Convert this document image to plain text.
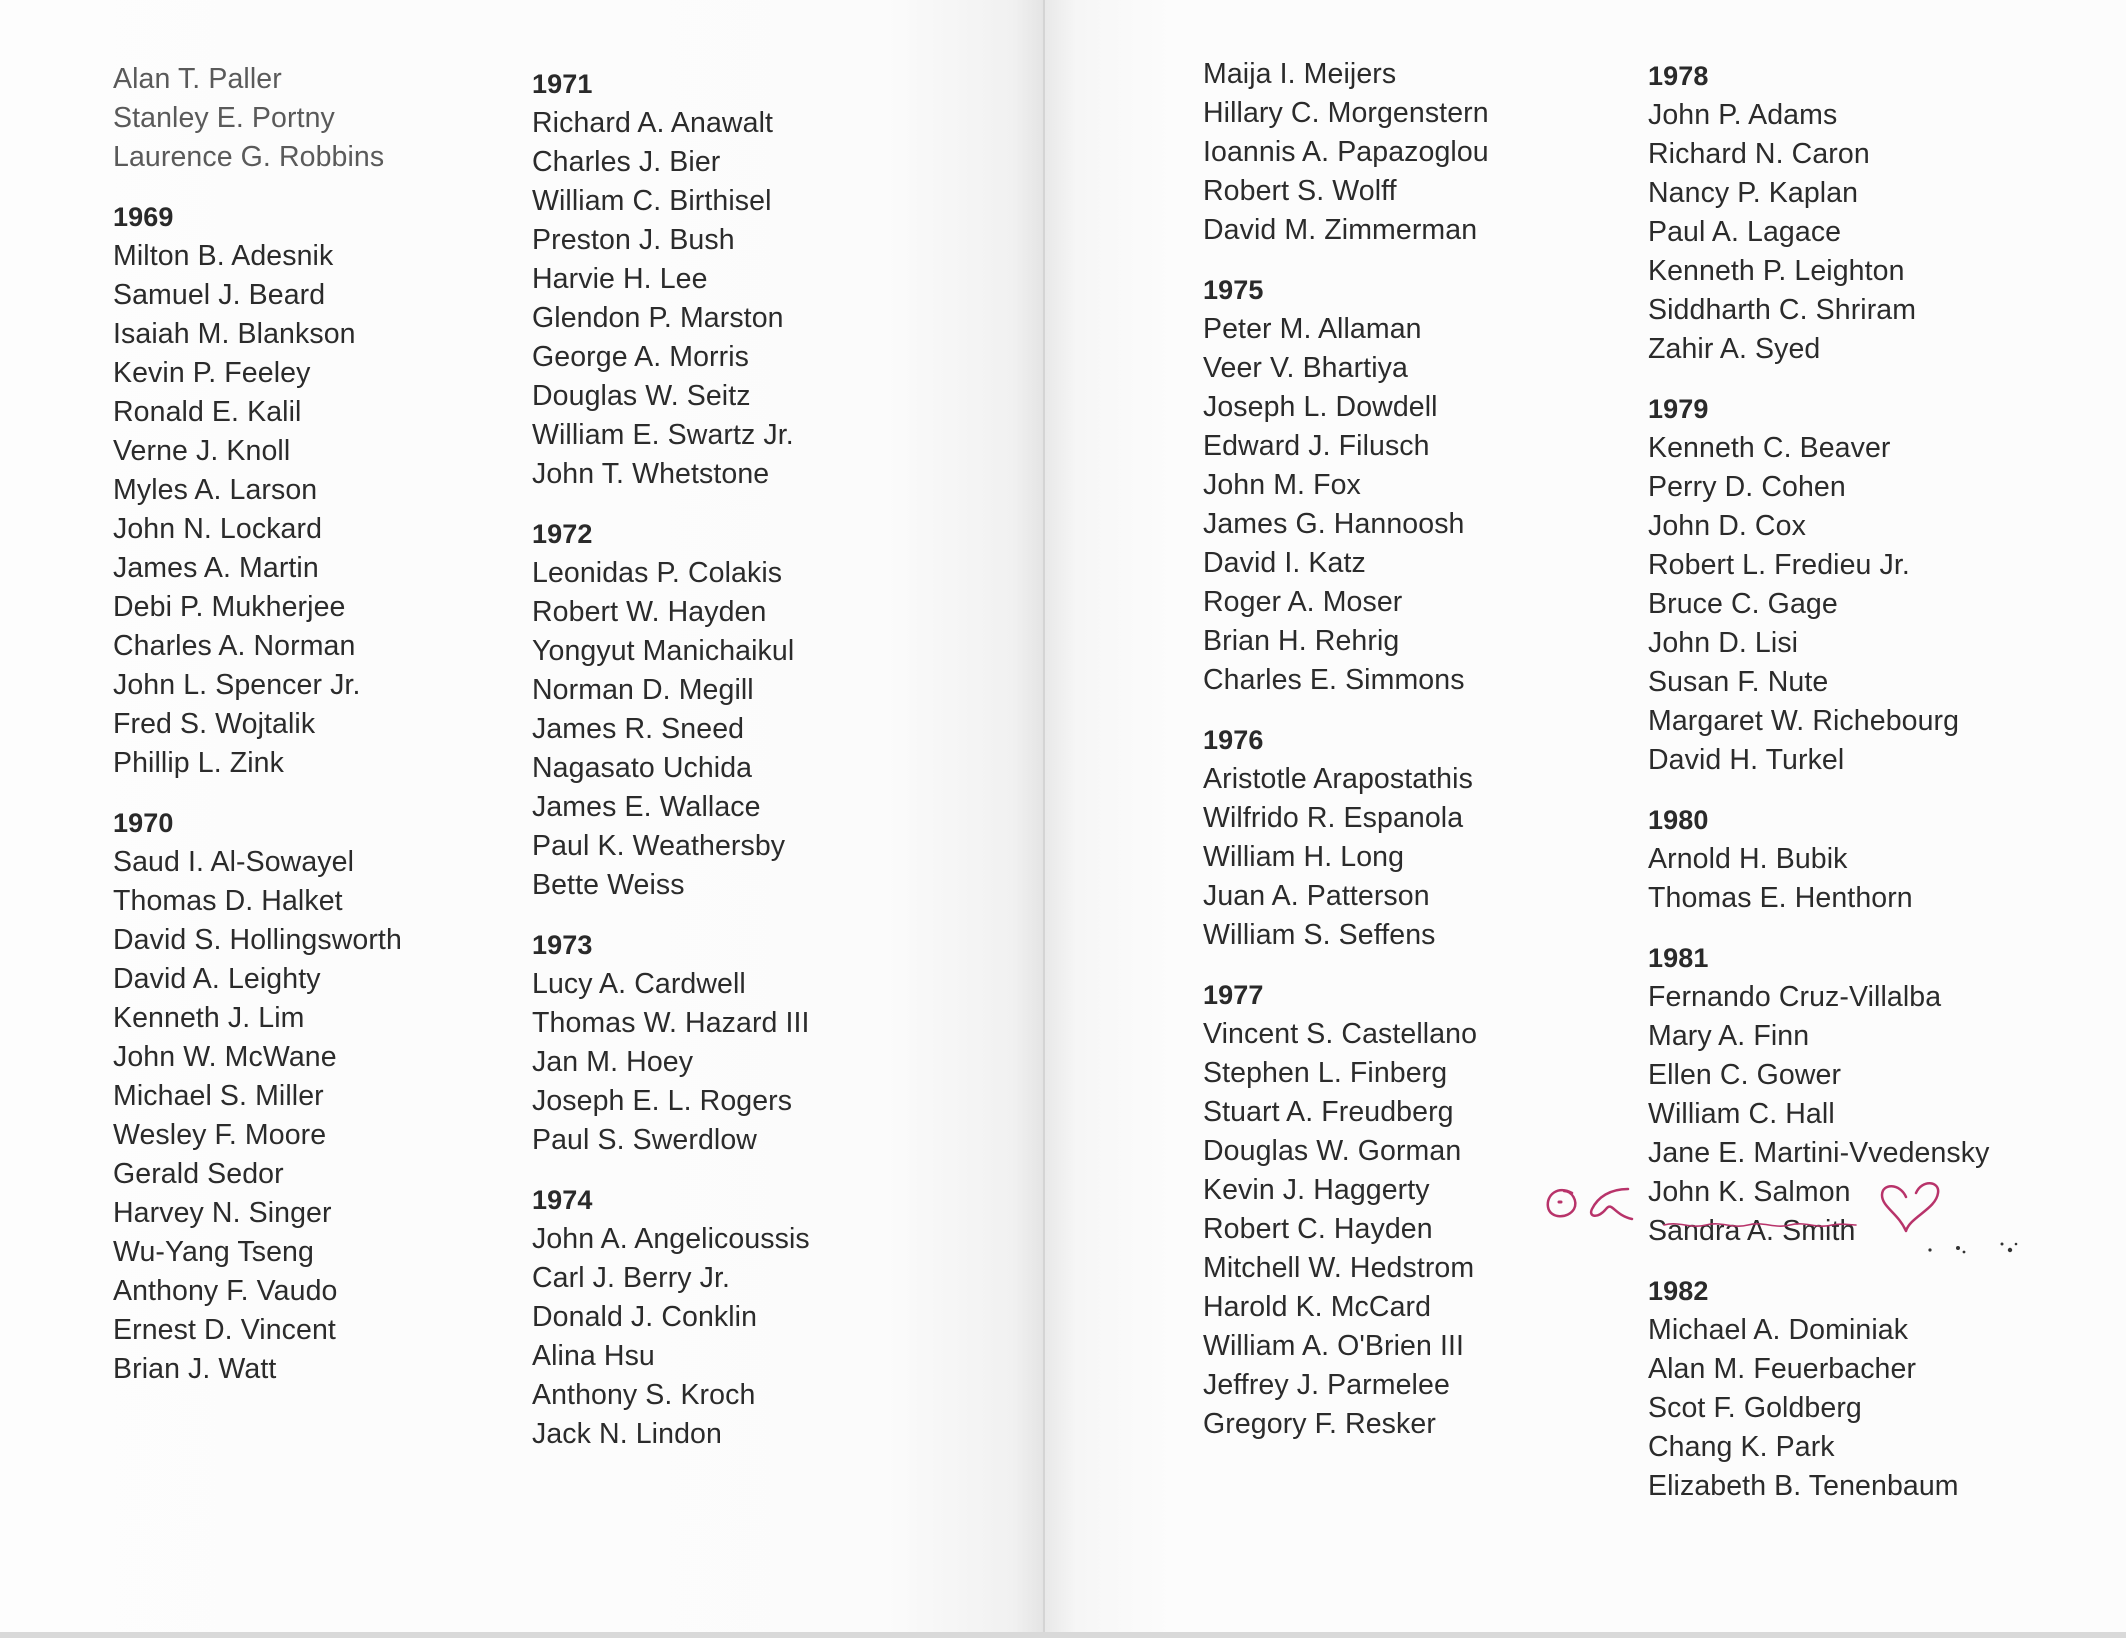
Alan T. Paller
Stanley E. Portny
Laurence G. Robbins
1969
Milton B. Adesnik
Samuel J. Beard
Isaiah M. Blankson
Kevin P. Feeley
Ronald E. Kalil
Verne J. Knoll
Myles A. Larson
John N. Lockard
James A. Martin
Debi P. Mukherjee
Charles A. Norman
John L. Spencer Jr.
Fred S. Wojtalik
Phillip L. Zink
1970
Saud I. Al-Sowayel
Thomas D. Halket
David S. Hollingsworth
David A. Leighty
Kenneth J. Lim
John W. McWane
Michael S. Miller
Wesley F. Moore
Gerald Sedor
Harvey N. Singer
Wu-Yang Tseng
Anthony F. Vaudo
Ernest D. Vincent
Brian J. Watt
1971
Richard A. Anawalt
Charles J. Bier
William C. Birthisel
Preston J. Bush
Harvie H. Lee
Glendon P. Marston
George A. Morris
Douglas W. Seitz
William E. Swartz Jr.
John T. Whetstone
1972
Leonidas P. Colakis
Robert W. Hayden
Yongyut Manichaikul
Norman D. Megill
James R. Sneed
Nagasato Uchida
James E. Wallace
Paul K. Weathersby
Bette Weiss
1973
Lucy A. Cardwell
Thomas W. Hazard III
Jan M. Hoey
Joseph E. L. Rogers
Paul S. Swerdlow
1974
John A. Angelicoussis
Carl J. Berry Jr.
Donald J. Conklin
Alina Hsu
Anthony S. Kroch
Jack N. Lindon
Maija I. Meijers
Hillary C. Morgenstern
Ioannis A. Papazoglou
Robert S. Wolff
David M. Zimmerman
1975
Peter M. Allaman
Veer V. Bhartiya
Joseph L. Dowdell
Edward J. Filusch
John M. Fox
James G. Hannoosh
David I. Katz
Roger A. Moser
Brian H. Rehrig
Charles E. Simmons
1976
Aristotle Arapostathis
Wilfrido R. Espanola
William H. Long
Juan A. Patterson
William S. Seffens
1977
Vincent S. Castellano
Stephen L. Finberg
Stuart A. Freudberg
Douglas W. Gorman
Kevin J. Haggerty
Robert C. Hayden
Mitchell W. Hedstrom
Harold K. McCard
William A. O'Brien III
Jeffrey J. Parmelee
Gregory F. Resker
1978
John P. Adams
Richard N. Caron
Nancy P. Kaplan
Paul A. Lagace
Kenneth P. Leighton
Siddharth C. Shriram
Zahir A. Syed
1979
Kenneth C. Beaver
Perry D. Cohen
John D. Cox
Robert L. Fredieu Jr.
Bruce C. Gage
John D. Lisi
Susan F. Nute
Margaret W. Richebourg
David H. Turkel
1980
Arnold H. Bubik
Thomas E. Henthorn
1981
Fernando Cruz-Villalba
Mary A. Finn
Ellen C. Gower
William C. Hall
Jane E. Martini-Vvedensky
John K. Salmon
Sandra A. Smith
1982
Michael A. Dominiak
Alan M. Feuerbacher
Scot F. Goldberg
Chang K. Park
Elizabeth B. Tenenbaum
